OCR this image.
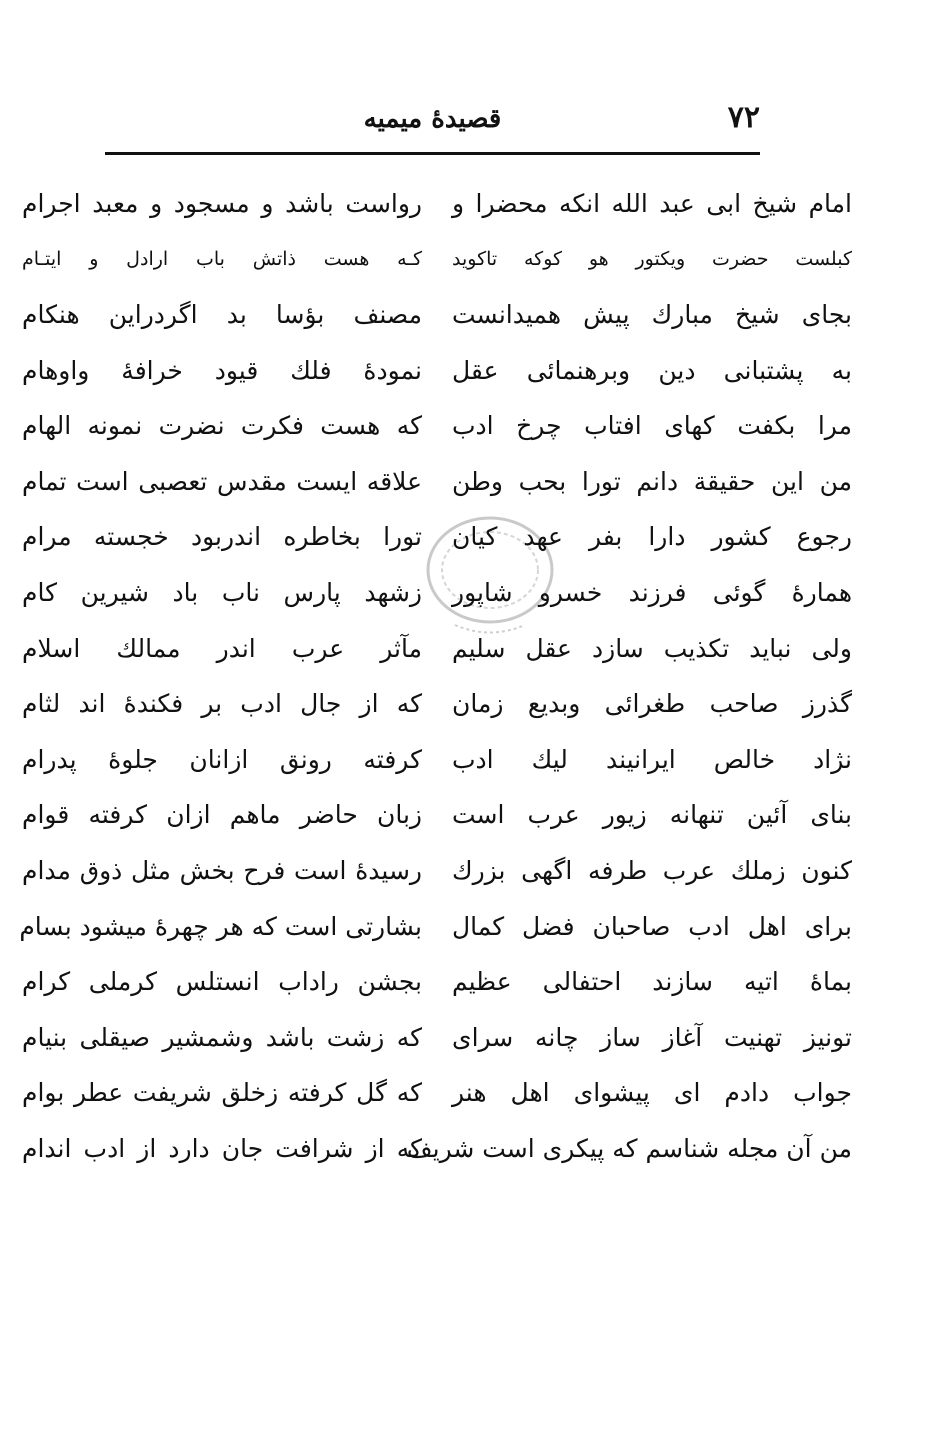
۷۲
قصیدهٔ میمیه
امام شیخ ابی عبد الله انکه محضرا و
رواست باشد و مسجود و معبد اجرام
کبلست حضرت ویکتور هو کوکه تاکوید
کـه هست ذاتش باب ارادل و ایتـام
بجای شیخ مبارك پیش همیدانست
مصنف بؤسا بد اگردراین هنکام
به پشتبانی دین وبرهنمائی عقل
نمودهٔ فلك قیود خرافهٔ واوهام
مرا بکفت کهای افتاب چرخ ادب
که هست فکرت نضرت نمونه الهام
من این حقیقة دانم تورا بحب وطن
علاقه ایست مقدس تعصبی است تمام
رجوع کشور دارا بفر عهد کیان
تورا بخاطره اندربود خجسته مرام
همارهٔ گوئی فرزند خسرو شاپور
زشهد پارس ناب باد شیرین کام
ولی نباید تکذیب سازد عقل سلیم
مآثر عرب اندر ممالك اسلام
گذرز صاحب طغرائی وبدیع زمان
که از جال ادب بر فکندهٔ اند لثام
نژاد خالص ایرانیند لیك ادب
کرفته رونق ازانان جلوهٔ پدرام
بنای آئین تنهانه زیور عرب است
زبان حاضر ماهم ازان کرفته قوام
کنون زملك عرب طرفه اگهی بزرك
رسیدهٔ است فرح بخش مثل ذوق مدام
برای اهل ادب صاحبان فضل کمال
بشارتی است که هر چهرهٔ میشود بسام
بماهٔ اتیه سازند احتفالی عظیم
بجشن راداب انستلس کرملی کرام
تونیز تهنیت آغاز ساز چانه سرای
که زشت باشد وشمشیر صیقلی بنیام
جواب دادم ای پیشوای اهل هنر
که گل کرفته زخلق شریفت عطر بوام
من آن مجله شناسم که پیکری است شریف
که از شرافت جان دارد از ادب اندام
